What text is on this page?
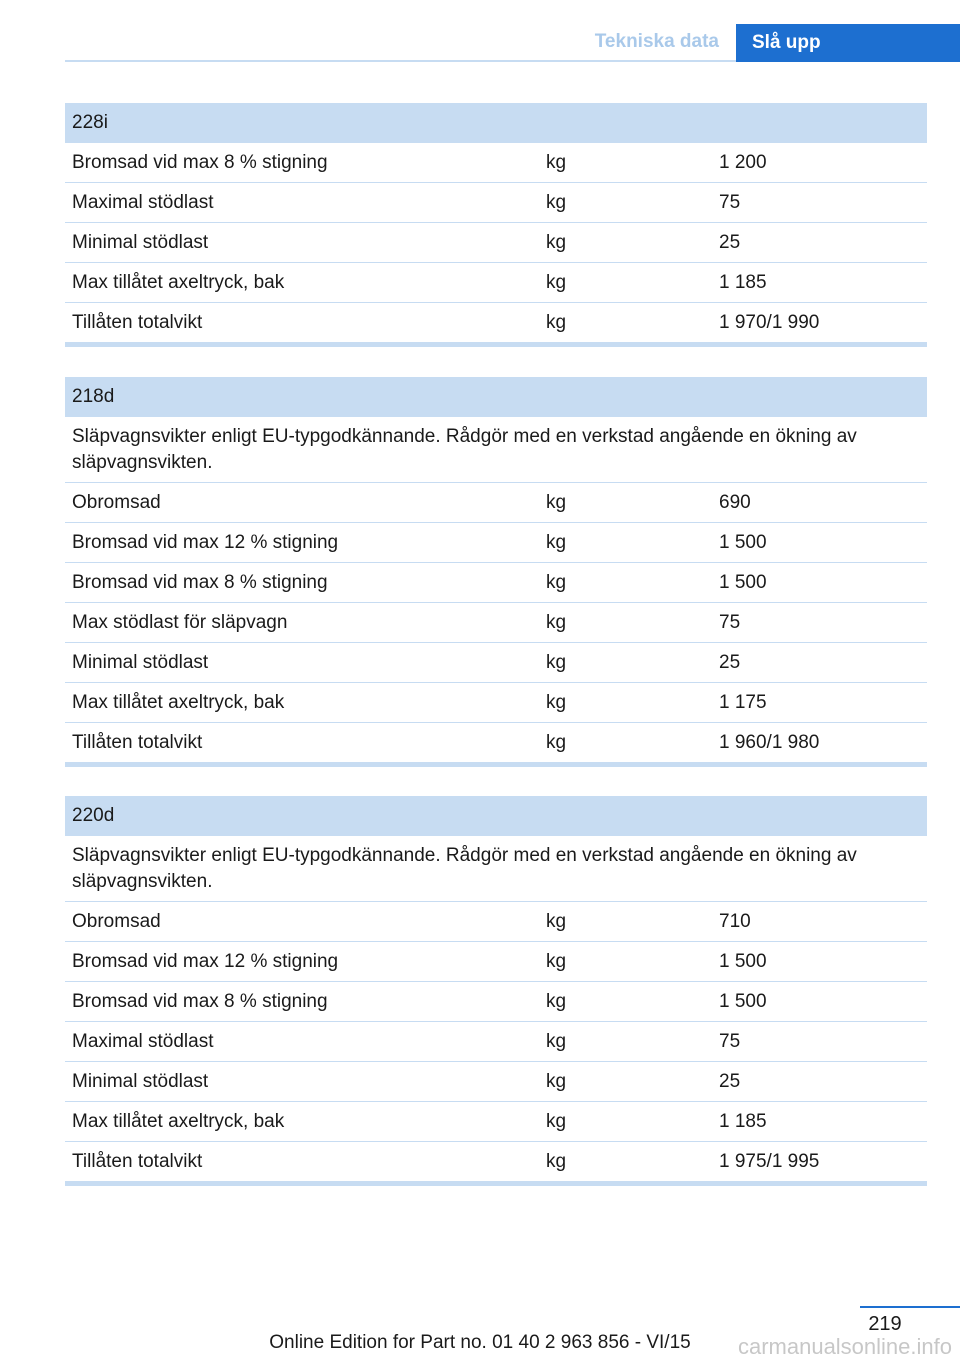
Tekniska data	Slå upp
228i
Bromsad vid max 8 % stigning	kg	1 200
Maximal stödlast	kg	75
Minimal stödlast	kg	25
Max tillåtet axeltryck, bak	kg	1 185
Tillåten totalvikt	kg	1 970/1 990
218d
Släpvagnsvikter enligt EU-typgodkännande. Rådgör med en verkstad angående en ökning av släpvagnsvikten.
Obromsad	kg	690
Bromsad vid max 12 % stigning	kg	1 500
Bromsad vid max 8 % stigning	kg	1 500
Max stödlast för släpvagn	kg	75
Minimal stödlast	kg	25
Max tillåtet axeltryck, bak	kg	1 175
Tillåten totalvikt	kg	1 960/1 980
220d
Släpvagnsvikter enligt EU-typgodkännande. Rådgör med en verkstad angående en ökning av släpvagnsvikten.
Obromsad	kg	710
Bromsad vid max 12 % stigning	kg	1 500
Bromsad vid max 8 % stigning	kg	1 500
Maximal stödlast	kg	75
Minimal stödlast	kg	25
Max tillåtet axeltryck, bak	kg	1 185
Tillåten totalvikt	kg	1 975/1 995
219
Online Edition for Part no. 01 40 2 963 856 - VI/15	carmanualsonline.info
